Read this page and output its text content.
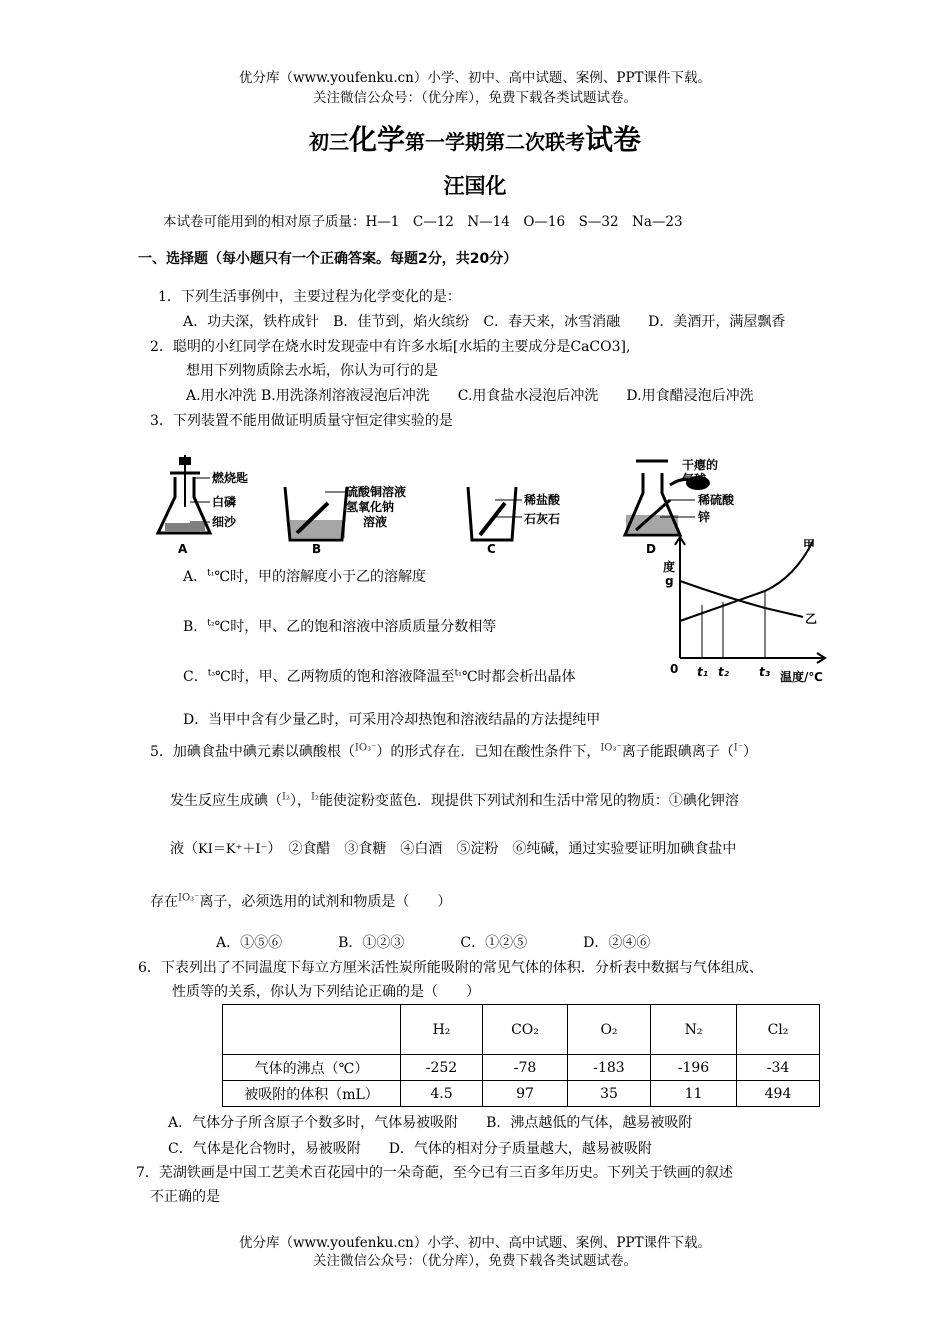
优分库（www.youfenku.cn）小学、初中、高中试题、案例、PPT课件下载。
关注微信公众号：（优分库），免费下载各类试题试卷。
初三化学第一学期第二次联考试卷
汪国化
本试卷可能用到的相对原子质量：H—1　C—12　N—14　O—16　S—32　Na—23
一、选择题（每小题只有一个正确答案。每题2分，共20分）
1．下列生活事例中，主要过程为化学变化的是：
A．功夫深，铁杵成针　B．佳节到，焰火缤纷　C．春天来，冰雪消融　　D．美酒开，满屋飘香
2．聪明的小红同学在烧水时发现壶中有许多水垢[水垢的主要成分是CaCO3],
想用下列物质除去水垢，你认为可行的是
A.用水冲洗 B.用洗涤剂溶液浸泡后冲洗　　C.用食盐水浸泡后冲洗　　D.用食醋浸泡后冲洗
3．下列装置不能用做证明质量守恒定律实验的是
燃烧匙
白磷
细沙
A
硫酸铜溶液
氢氧化钠
溶液
B
稀盐酸
石灰石
C
干瘪的
气球
稀硫酸
锌
D
A．$^{t_1}$℃时，甲的溶解度小于乙的溶解度
B．$^{t_2}$℃时，甲、乙的饱和溶液中溶质质量分数相等
C．$^{t_3}$℃时，甲、乙两物质的饱和溶液降温至$^{t_1}$℃时都会析出晶体
D．当甲中含有少量乙时，可采用冷却热饱和溶液结晶的方法提纯甲
度
g
0 t₁ t₂	t₃ 温度/℃
甲
乙
5．加碘食盐中碘元素以碘酸根（$^{IO_3^-}$）的形式存在．已知在酸性条件下，$^{IO_3^-}$离子能跟碘离子（$^{I^-}$）
发生反应生成碘（$^{I_2}$），$^{I_2}$能使淀粉变蓝色．现提供下列试剂和生活中常见的物质：①碘化钾溶
液（KI＝K⁺＋I⁻）　②食醋　③食糖　④白酒　⑤淀粉　⑥纯碱，通过实验要证明加碘食盐中
存在$^{IO_3^-}$离子，必须选用的试剂和物质是（　　）
A．①⑤⑥　　　　B．①②③　　　　C．①②⑤　　　　D．②④⑥
6．下表列出了不同温度下每立方厘米活性炭所能吸附的常见气体的体积．分析表中数据与气体组成、
性质等的关系，你认为下列结论正确的是（　　）
	H₂	CO₂	O₂	N₂	Cl₂
气体的沸点（℃）	-252	-78	-183	-196	-34
被吸附的体积（mL）	4.5	97	35	11	494
A．气体分子所含原子个数多时，气体易被吸附　　B．沸点越低的气体，越易被吸附
C．气体是化合物时，易被吸附　　D．气体的相对分子质量越大，越易被吸附
7．芜湖铁画是中国工艺美术百花园中的一朵奇葩，至今已有三百多年历史。下列关于铁画的叙述
不正确的是
优分库（www.youfenku.cn）小学、初中、高中试题、案例、PPT课件下载。
关注微信公众号：（优分库），免费下载各类试题试卷。
